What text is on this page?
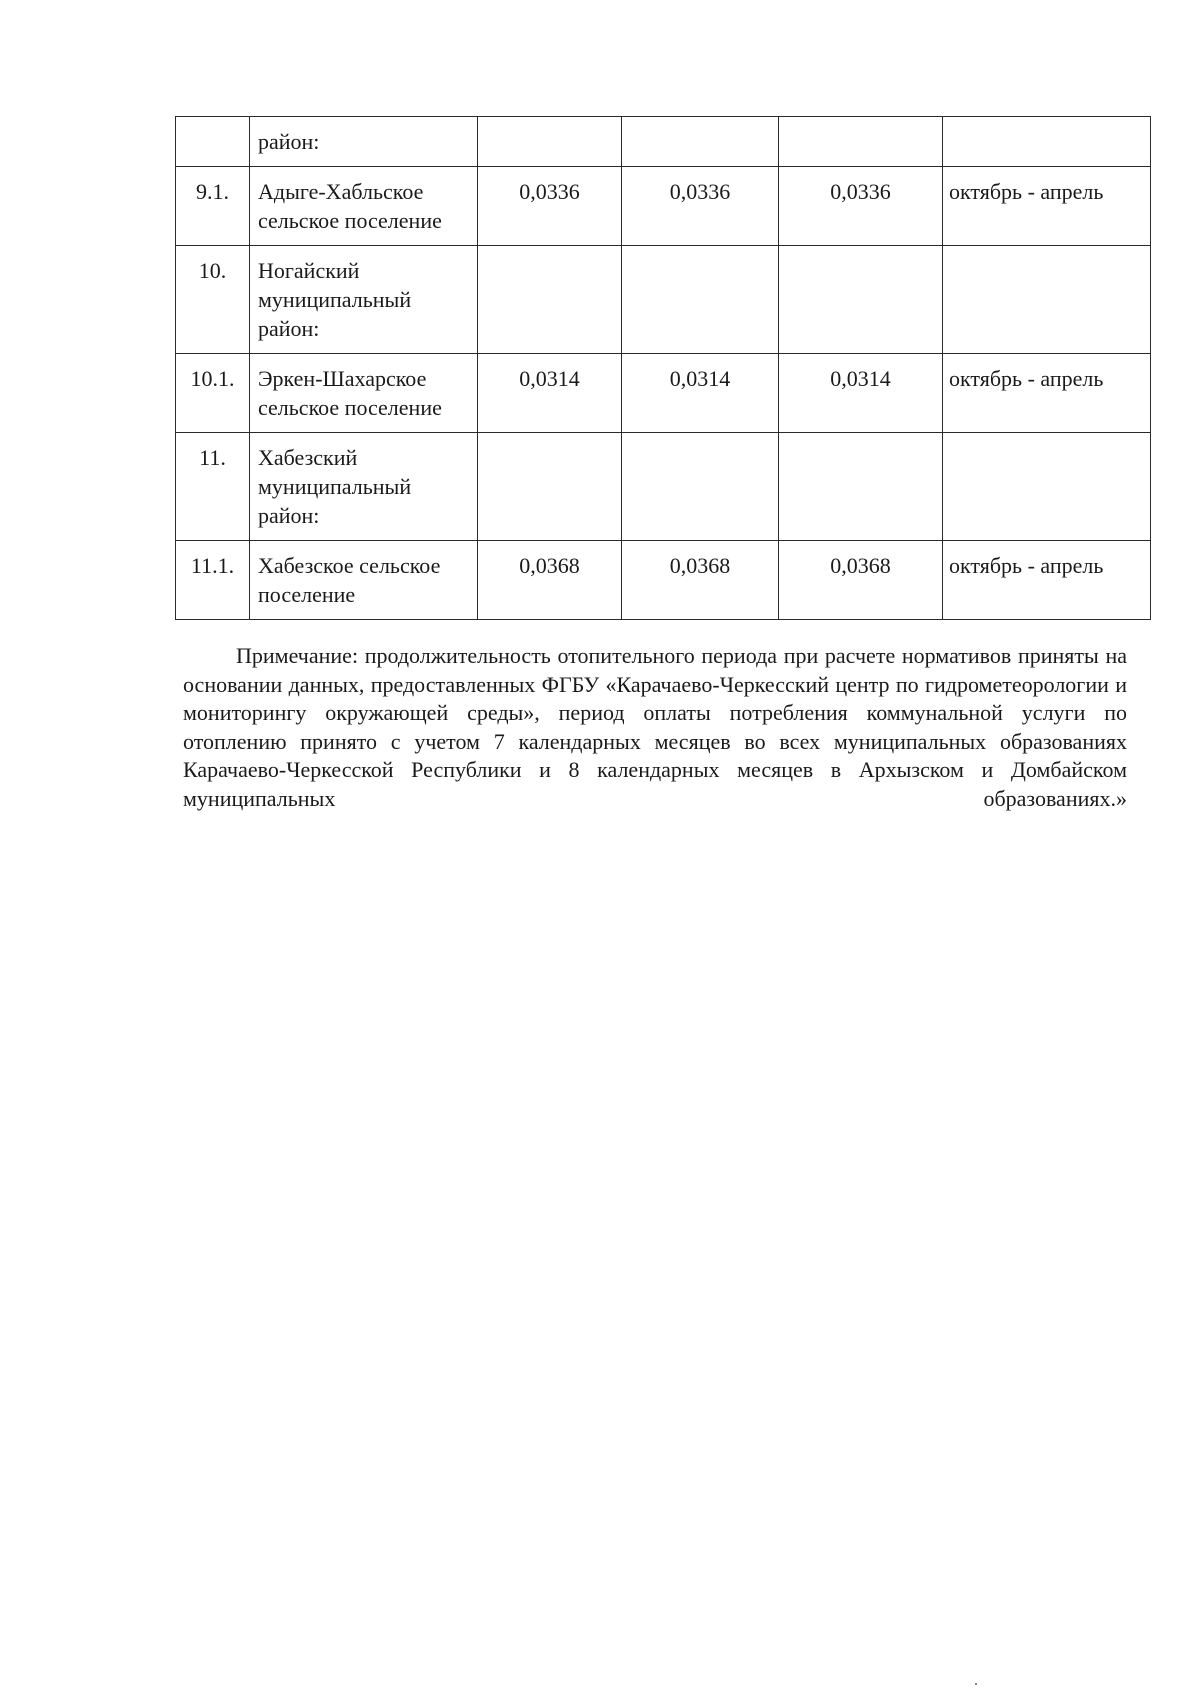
	район:				
9.1.	Адыге-Хабльское сельское поселение	0,0336	0,0336	0,0336	октябрь - апрель
10.	Ногайский муниципальный район:				
10.1.	Эркен-Шахарское сельское поселение	0,0314	0,0314	0,0314	октябрь - апрель
11.	Хабезский муниципальный район:				
11.1.	Хабезское сельское поселение	0,0368	0,0368	0,0368	октябрь - апрель

Примечание: продолжительность отопительного периода при расчете нормативов приняты на основании данных, предоставленных ФГБУ «Карачаево-Черкесский центр по гидрометеорологии и мониторингу окружающей среды», период оплаты потребления коммунальной услуги по отоплению принято с учетом 7 календарных месяцев во всех муниципальных образованиях Карачаево-Черкесской Республики и 8 календарных месяцев в Архызском и Домбайском муниципальных образованиях.»
